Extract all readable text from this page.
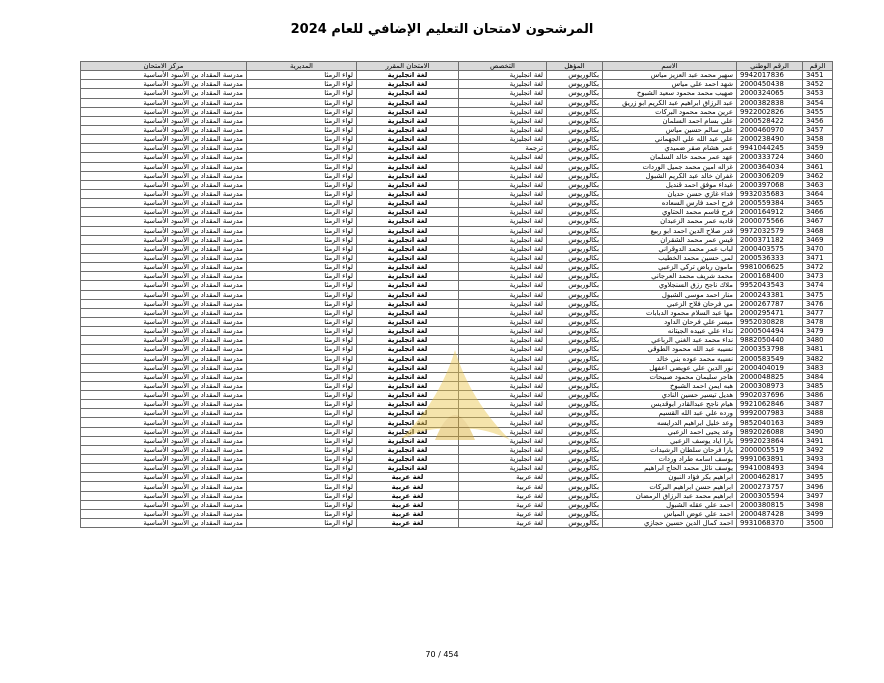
المرشحون لامتحان التعليم الإضافي للعام 2024
الرقم	الرقم الوطني	الاسم	المؤهل	التخصص	الامتحان المقرر	المديرية	مركز الامتحان
3451	9942017836	سهير محمد عبد العزيز مياس	بكالوريوس	لغة انجليزية	لغة انجليزية	لواء الرمثا	مدرسة المقداد بن الأسود الأساسية
3452	2000450438	شهد احمد علي مياس	بكالوريوس	لغة انجليزية	لغة انجليزية	لواء الرمثا	مدرسة المقداد بن الأسود الأساسية
3453	2000324065	صهيب محمد محمود سعيد الشبوخ	بكالوريوس	لغة انجليزية	لغة انجليزية	لواء الرمثا	مدرسة المقداد بن الأسود الأساسية
3454	2000382838	عبد الرزاق ابراهيم عبد الكريم ابو زريق	بكالوريوس	لغة انجليزية	لغة انجليزية	لواء الرمثا	مدرسة المقداد بن الأسود الأساسية
3455	9922002826	عرين محمد محمود البركات	بكالوريوس	لغة انجليزية	لغة انجليزية	لواء الرمثا	مدرسة المقداد بن الأسود الأساسية
3456	2000528422	علي بسام احمد السلمان	بكالوريوس	لغة انجليزية	لغة انجليزية	لواء الرمثا	مدرسة المقداد بن الأسود الأساسية
3457	2000460970	علي سالم حسين مياس	بكالوريوس	لغة انجليزية	لغة انجليزية	لواء الرمثا	مدرسة المقداد بن الأسود الأساسية
3458	2000238490	علي عبد الله علي الجهماني	بكالوريوس	لغة انجليزية	لغة انجليزية	لواء الرمثا	مدرسة المقداد بن الأسود الأساسية
3459	9941044245	عمر هشام صقر ضميدي	بكالوريوس	ترجمة	لغة انجليزية	لواء الرمثا	مدرسة المقداد بن الأسود الأساسية
3460	2000333724	عهد عمر محمد خالد السلمان	بكالوريوس	لغة انجليزية	لغة انجليزية	لواء الرمثا	مدرسة المقداد بن الأسود الأساسية
3461	2000364034	غزاله امين محمد جميل الوردات	بكالوريوس	لغة انجليزية	لغة انجليزية	لواء الرمثا	مدرسة المقداد بن الأسود الأساسية
3462	2000306209	غفران خالد عبد الكريم الشبول	بكالوريوس	لغة انجليزية	لغة انجليزية	لواء الرمثا	مدرسة المقداد بن الأسود الأساسية
3463	2000397068	غيداء موفق احمد قنديل	بكالوريوس	لغة انجليزية	لغة انجليزية	لواء الرمثا	مدرسة المقداد بن الأسود الأساسية
3464	9932035683	فداء غازي حسن حديان	بكالوريوس	لغة انجليزية	لغة انجليزية	لواء الرمثا	مدرسة المقداد بن الأسود الأساسية
3465	2000559384	فرح احمد فارس السعاده	بكالوريوس	لغة انجليزية	لغة انجليزية	لواء الرمثا	مدرسة المقداد بن الأسود الأساسية
3466	2000164912	فرح قاسم محمد الحتاوي	بكالوريوس	لغة انجليزية	لغة انجليزية	لواء الرمثا	مدرسة المقداد بن الأسود الأساسية
3467	2000075566	قاديه عمر محمد الزعبدان	بكالوريوس	لغة انجليزية	لغة انجليزية	لواء الرمثا	مدرسة المقداد بن الأسود الأساسية
3468	9972032579	قدر صلاح الدين احمد ابو ربيع	بكالوريوس	لغة انجليزية	لغة انجليزية	لواء الرمثا	مدرسة المقداد بن الأسود الأساسية
3469	2000371182	قيس عمر محمد الشقران	بكالوريوس	لغة انجليزية	لغة انجليزية	لواء الرمثا	مدرسة المقداد بن الأسود الأساسية
3470	2000403575	لباب عمر محمد الدوقراني	بكالوريوس	لغة انجليزية	لغة انجليزية	لواء الرمثا	مدرسة المقداد بن الأسود الأساسية
3471	2000536333	لمي حسين محمد الخطيب	بكالوريوس	لغة انجليزية	لغة انجليزية	لواء الرمثا	مدرسة المقداد بن الأسود الأساسية
3472	9981006625	مامون رياض تركي الزعبي	بكالوريوس	لغة انجليزية	لغة انجليزية	لواء الرمثا	مدرسة المقداد بن الأسود الأساسية
3473	2000168400	محمد شريف محمد العرجاني	بكالوريوس	لغة انجليزية	لغة انجليزية	لواء الرمثا	مدرسة المقداد بن الأسود الأساسية
3474	9952043543	ملاك ناجح رزق السنجلاوي	بكالوريوس	لغة انجليزية	لغة انجليزية	لواء الرمثا	مدرسة المقداد بن الأسود الأساسية
3475	2000243381	منار احمد موسى الشبول	بكالوريوس	لغة انجليزية	لغة انجليزية	لواء الرمثا	مدرسة المقداد بن الأسود الأساسية
3476	2000267787	مي فرحان فلاح الزعبي	بكالوريوس	لغة انجليزية	لغة انجليزية	لواء الرمثا	مدرسة المقداد بن الأسود الأساسية
3477	2000295471	مها عبد السلام محمود الدبابات	بكالوريوس	لغة انجليزية	لغة انجليزية	لواء الرمثا	مدرسة المقداد بن الأسود الأساسية
3478	9952030828	ميسر علي فرحان الداود	بكالوريوس	لغة انجليزية	لغة انجليزية	لواء الرمثا	مدرسة المقداد بن الأسود الأساسية
3479	2000504494	نداء علي عبيده الجيتانه	بكالوريوس	لغة انجليزية	لغة انجليزية	لواء الرمثا	مدرسة المقداد بن الأسود الأساسية
3480	9882050440	نداء محمد عبد الغني الرباعي	بكالوريوس	لغة انجليزية	لغة انجليزية	لواء الرمثا	مدرسة المقداد بن الأسود الأساسية
3481	2000353798	نسيبه عبد الله محمود الطوقي	بكالوريوس	لغة انجليزية	لغة انجليزية	لواء الرمثا	مدرسة المقداد بن الأسود الأساسية
3482	2000583549	نسيبه محمد عوده بني خالد	بكالوريوس	لغة انجليزية	لغة انجليزية	لواء الرمثا	مدرسة المقداد بن الأسود الأساسية
3483	2000404019	نور الدين علي عويضي اعفهل	بكالوريوس	لغة انجليزية	لغة انجليزية	لواء الرمثا	مدرسة المقداد بن الأسود الأساسية
3484	2000048825	هاجر سليمان محمود صبيحات	بكالوريوس	لغة انجليزية	لغة انجليزية	لواء الرمثا	مدرسة المقداد بن الأسود الأساسية
3485	2000308973	هبه ايمن احمد الشبوخ	بكالوريوس	لغة انجليزية	لغة انجليزية	لواء الرمثا	مدرسة المقداد بن الأسود الأساسية
3486	9902037696	هديل تيسير حسين النادي	بكالوريوس	لغة انجليزية	لغة انجليزية	لواء الرمثا	مدرسة المقداد بن الأسود الأساسية
3487	9921062846	هيام ناجح عبدالقادر ابوقديس	بكالوريوس	لغة انجليزية	لغة انجليزية	لواء الرمثا	مدرسة المقداد بن الأسود الأساسية
3488	9992007983	ورده علي عبد الله القسيم	بكالوريوس	لغة انجليزية	لغة انجليزية	لواء الرمثا	مدرسة المقداد بن الأسود الأساسية
3489	9852040163	وعد خليل ابراهيم الدرايسه	بكالوريوس	لغة انجليزية	لغة انجليزية	لواء الرمثا	مدرسة المقداد بن الأسود الأساسية
3490	9892026088	وعد يحيى احمد الزعبي	بكالوريوس	لغة انجليزية	لغة انجليزية	لواء الرمثا	مدرسة المقداد بن الأسود الأساسية
3491	9992023864	يارا اياد يوسف الزعبي	بكالوريوس	لغة انجليزية	لغة انجليزية	لواء الرمثا	مدرسة المقداد بن الأسود الأساسية
3492	2000005519	يارا فرحان سلطان الرشيدات	بكالوريوس	لغة انجليزية	لغة انجليزية	لواء الرمثا	مدرسة المقداد بن الأسود الأساسية
3493	9991063891	يوسف اسامه طراد وردات	بكالوريوس	لغة انجليزية	لغة انجليزية	لواء الرمثا	مدرسة المقداد بن الأسود الأساسية
3494	9941008493	يوسف نائل محمد الحاج ابراهيم	بكالوريوس	لغة انجليزية	لغة انجليزية	لواء الرمثا	مدرسة المقداد بن الأسود الأساسية
3495	2000462817	ابراهيم بكر فؤاد النبون	بكالوريوس	لغة عربية	لغة عربية	لواء الرمثا	مدرسة المقداد بن الأسود الأساسية
3496	2000273757	ابراهيم حسن ابراهيم البركات	بكالوريوس	لغة عربية	لغة عربية	لواء الرمثا	مدرسة المقداد بن الأسود الأساسية
3497	2000305594	ابراهيم محمد عبد الرزاق الرمضان	بكالوريوس	لغة عربية	لغة عربية	لواء الرمثا	مدرسة المقداد بن الأسود الأساسية
3498	2000380815	احمد علي عقله الشبول	بكالوريوس	لغة عربية	لغة عربية	لواء الرمثا	مدرسة المقداد بن الأسود الأساسية
3499	2000487428	احمد علي عوض المياس	بكالوريوس	لغة عربية	لغة عربية	لواء الرمثا	مدرسة المقداد بن الأسود الأساسية
3500	9931068370	احمد كمال الدين حسين حجازي	بكالوريوس	لغة عربية	لغة عربية	لواء الرمثا	مدرسة المقداد بن الأسود الأساسية
70 / 454
